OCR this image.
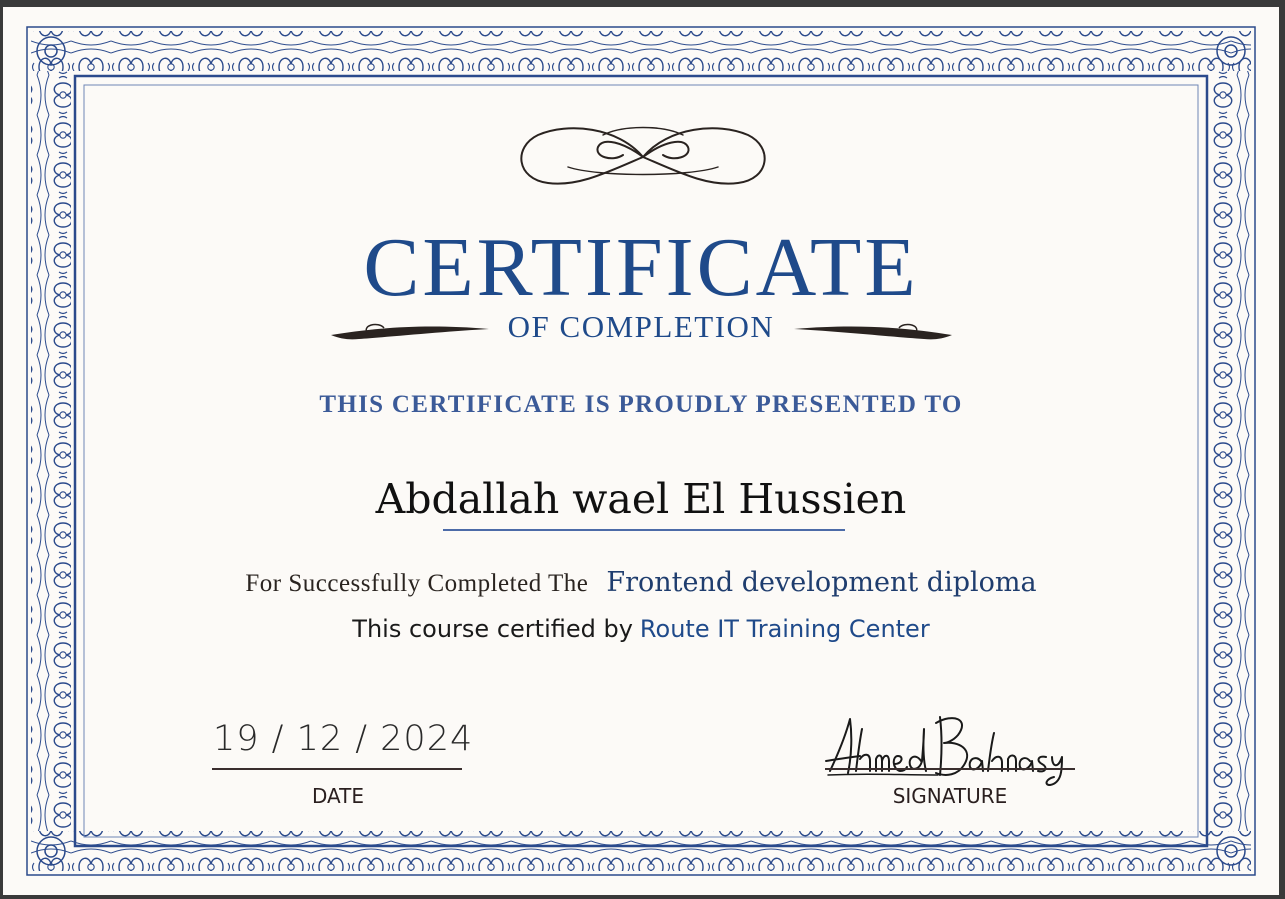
CERTIFICATE
OF COMPLETION
THIS CERTIFICATE IS PROUDLY PRESENTED TO
Abdallah wael El Hussien
For Successfully Completed The Frontend development diploma
This course certified by Route IT Training Center
19 / 12 / 2024
DATE	SIGNATURE
